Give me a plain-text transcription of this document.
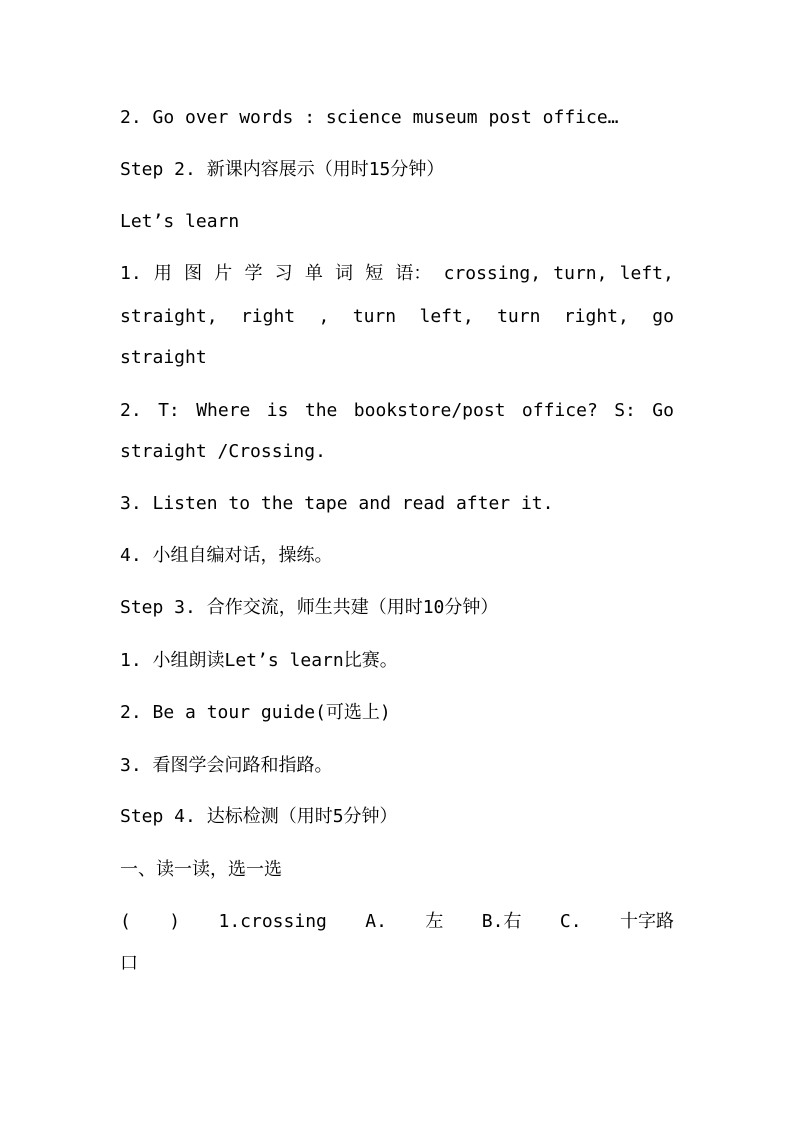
2. Go over words : science museum post office…
Step 2. 新课内容展示（用时15分钟）
Let’s learn
1. 用 图 片 学 习 单 词 短 语： crossing, turn, left,
straight, right , turn left, turn right, go
straight
2. T: Where is the bookstore/post office? S: Go
straight /Crossing.
3. Listen to the tape and read after it.
4. 小组自编对话，操练。
Step 3. 合作交流，师生共建（用时10分钟）
1. 小组朗读Let’s learn比赛。
2. Be a tour guide(可选上)
3. 看图学会问路和指路。
Step 4. 达标检测（用时5分钟）
一、读一读，选一选
( ) 1.crossing A. 左 B.右 C. 十字路
口
